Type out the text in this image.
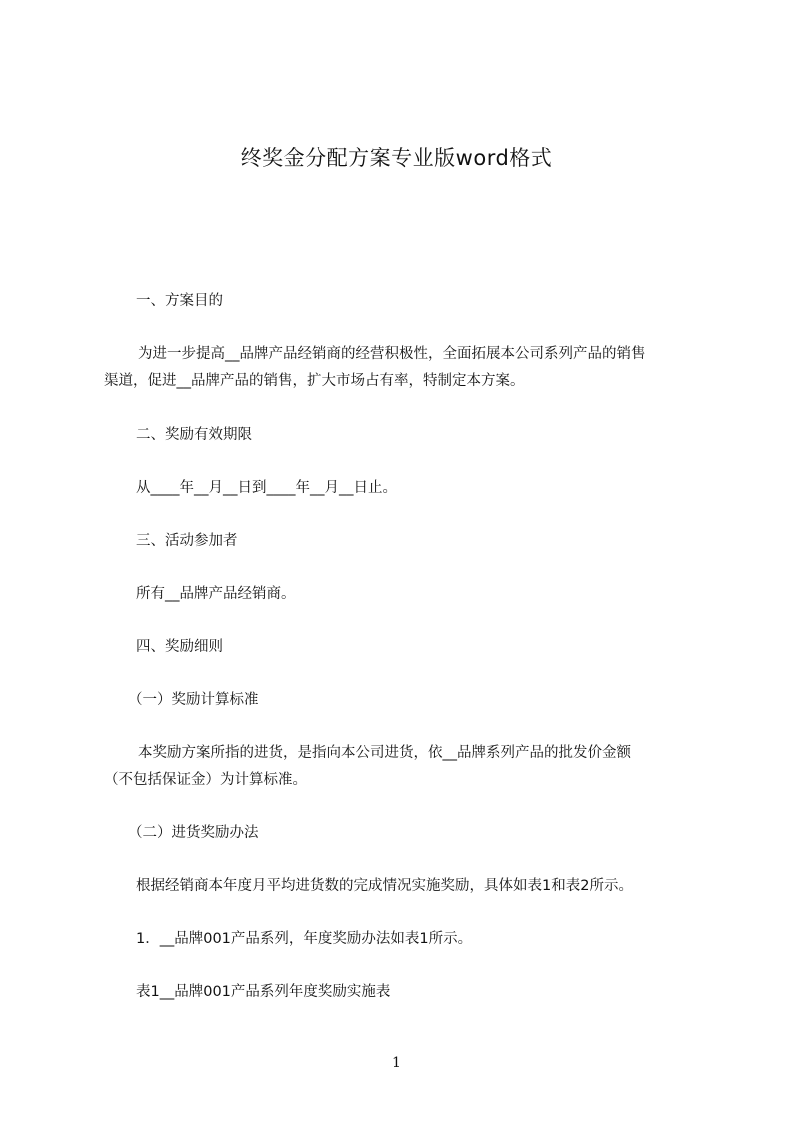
终奖金分配方案专业版word格式

一、方案目的

为进一步提高__品牌产品经销商的经营积极性，全面拓展本公司系列产品的销售

渠道，促进__品牌产品的销售，扩大市场占有率，特制定本方案。

二、奖励有效期限

从____年__月__日到____年__月__日止。

三、活动参加者

所有__品牌产品经销商。

四、奖励细则

（一）奖励计算标准

本奖励方案所指的进货，是指向本公司进货，依__品牌系列产品的批发价金额

（不包括保证金）为计算标准。

（二）进货奖励办法

根据经销商本年度月平均进货数的完成情况实施奖励，具体如表1和表2所示。

1．__品牌001产品系列，年度奖励办法如表1所示。

表1__品牌001产品系列年度奖励实施表

1
